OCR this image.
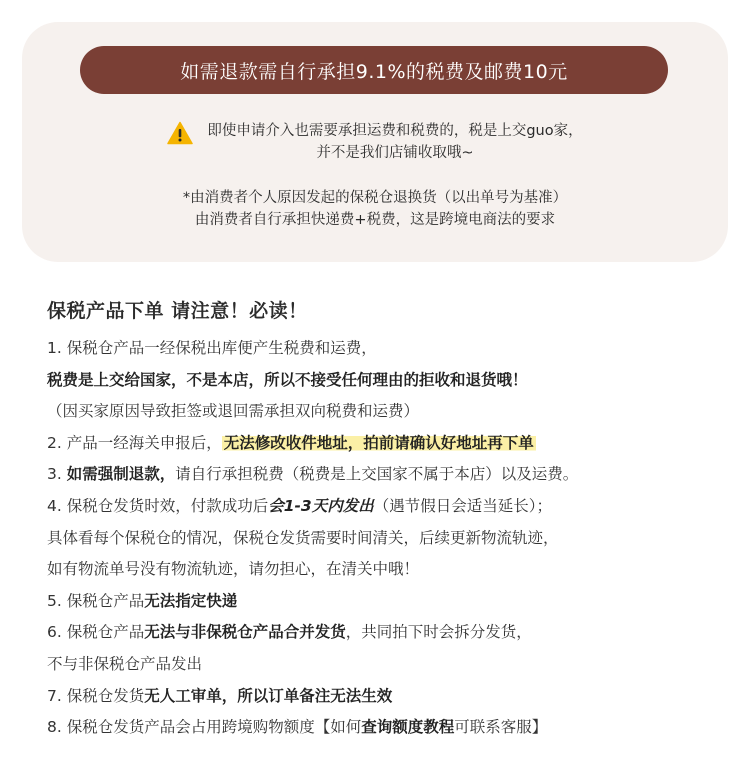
如需退款需自行承担9.1%的税费及邮费10元
即使申请介入也需要承担运费和税费的，税是上交guo家，
并不是我们店铺收取哦~
*由消费者个人原因发起的保税仓退换货（以出单号为基准）
由消费者自行承担快递费+税费，这是跨境电商法的要求
保税产品下单 请注意！必读！
1. 保税仓产品一经保税出库便产生税费和运费，
税费是上交给国家，不是本店，所以不接受任何理由的拒收和退货哦！
（因买家原因导致拒签或退回需承担双向税费和运费）
2. 产品一经海关申报后， 无法修改收件地址，拍前请确认好地址再下单
3. 如需强制退款，请自行承担税费（税费是上交国家不属于本店）以及运费。
4. 保税仓发货时效，付款成功后会1-3天内发出（遇节假日会适当延长）；
具体看每个保税仓的情况，保税仓发货需要时间清关，后续更新物流轨迹，
如有物流单号没有物流轨迹，请勿担心，在清关中哦！
5. 保税仓产品无法指定快递
6. 保税仓产品无法与非保税仓产品合并发货，共同拍下时会拆分发货，
不与非保税仓产品发出
7. 保税仓发货无人工审单，所以订单备注无法生效
8. 保税仓发货产品会占用跨境购物额度【如何查询额度教程可联系客服】
